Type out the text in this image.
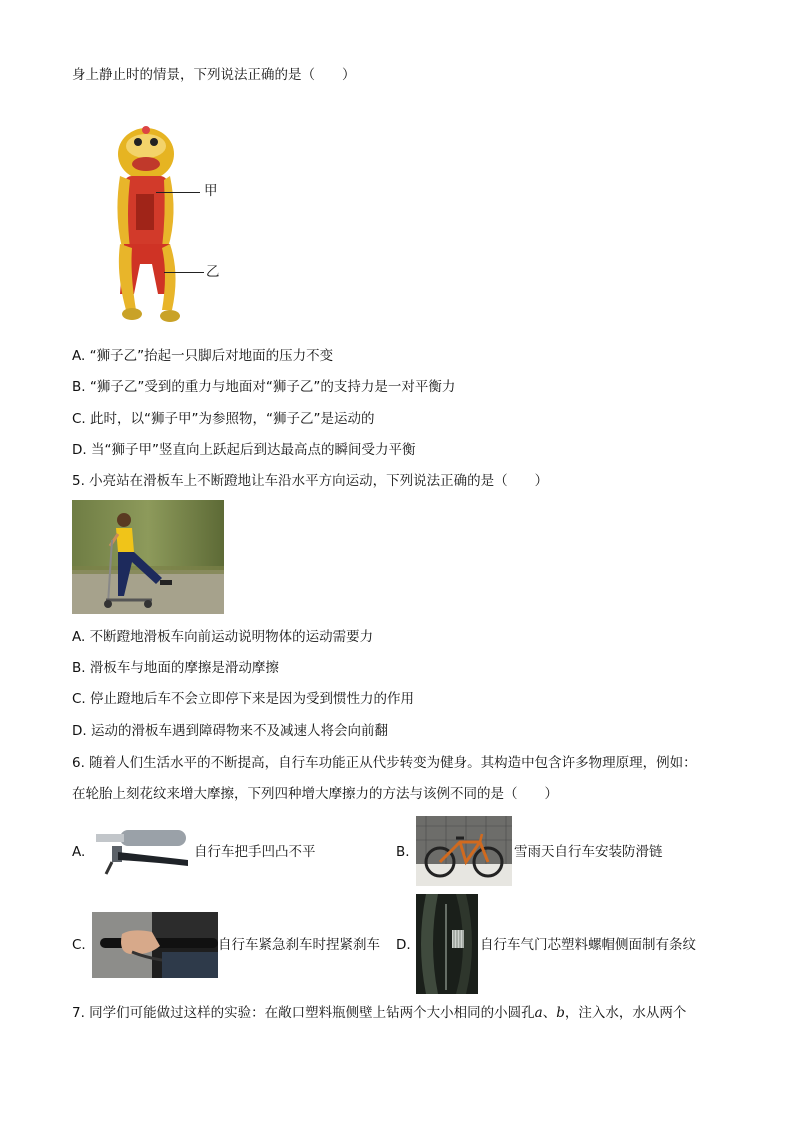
身上静止时的情景，下列说法正确的是（　　）
甲
乙
A. “狮子乙”抬起一只脚后对地面的压力不变
B. “狮子乙”受到的重力与地面对“狮子乙”的支持力是一对平衡力
C. 此时，以“狮子甲”为参照物，“狮子乙”是运动的
D. 当“狮子甲”竖直向上跃起后到达最高点的瞬间受力平衡
5. 小亮站在滑板车上不断蹬地让车沿水平方向运动，下列说法正确的是（　　）
A. 不断蹬地滑板车向前运动说明物体的运动需要力
B. 滑板车与地面的摩擦是滑动摩擦
C. 停止蹬地后车不会立即停下来是因为受到惯性力的作用
D. 运动的滑板车遇到障碍物来不及减速人将会向前翻
6. 随着人们生活水平的不断提高，自行车功能正从代步转变为健身。其构造中包含许多物理原理，例如：
在轮胎上刻花纹来增大摩擦，下列四种增大摩擦力的方法与该例不同的是（　　）
A.	自行车把手凹凸不平	B.	雪雨天自行车安装防滑链
C.	自行车紧急刹车时捏紧刹车 D.	自行车气门芯塑料螺帽侧面制有条纹
7. 同学们可能做过这样的实验：在敞口塑料瓶侧壁上钻两个大小相同的小圆孔a、b，注入水，水从两个
